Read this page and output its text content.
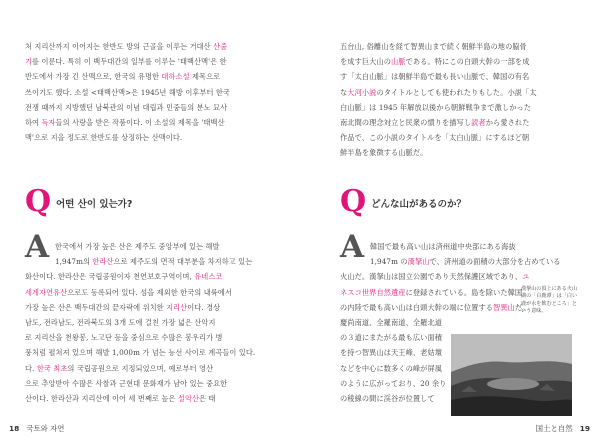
처 지리산까지 이어지는 한반도 방의 근골을 이루는 거대산 산줄
기를 이룬다. 특히 이 백두대간의 일부를 이루는 '태백산맥'은 한
반도에서 가장 긴 산맥으로, 한국의 유명한 대하소설 제목으로
쓰이기도 했다. 소설 <태백산맥>은 1945년 해방 이후부터 한국
전쟁 때까지 지방했던 남북관의 이념 대립과 민중들의 분노 묘사
하여 독자들의 사랑을 받은 작품이다. 이 소설의 제목을 '태백산
맥'으로 지을 정도로 한반도를 상징하는 산맥이다.

Q 어떤 산이 있는가?
A 한국에서 가장 높은 산은 제주도 중앙부에 있는 해발
1,947m의 한라산으로 제주도의 면적 대부분을 차지하고 있는
화산이다. 한라산은 국립공원이자 천연보호구역이며, 유네스코
세계자연유산으로도 등록되어 있다. 섬을 제외한 한국의 내륙에서
가장 높은 산은 백두대간의 끝자락에 위치한 지리산이다. 경상
남도, 전라남도, 전라북도의 3개 도에 걸친 가장 넓은 산악지
로 지리산을 천왕봉, 노고단 등을 중심으로 수많은 봉우리가 병
풍처럼 펼쳐져 있으며 해발 1,000m 가 넘는 능선 사이로 계곡들이 있다.
다. 한국 최초의 국립공원으로 지정되었으며, 예로부터 영산
으로 추앙받아 수많은 사찰과 근현대 문화재가 남아 있는 중요한
산이다. 한라산과 지리산에 이어 세 번째로 높은 설악산은 태

18 국토와 자연

五台山, 俗離山を経て智異山まで続く朝鮮半島の地の脇骨
を成す巨大山の山脈である。特にこの白頭大幹の一部を成
す「太白山脈」は朝鮮半島で最も長い山脈で、韓国の有名
な大河小説のタイトルとしても使われたりもした。小説「太
白山脈」は 1945 年解放以後から朝鮮戦争まで激しかった
南北間の理念対立と民衆の憤りを描写し読者から愛された
作品で、この小説のタイトルを「太白山脈」にするほど朝
鮮半島を象徴する山脈だ。

Q どんな山があるのか？
A 韓国で最も高い山は済州道中央部にある海抜
1,947m の漢拏山で、済州道の面積の大部分を占めている
火山だ。漢拏山は国立公園であり天然保護区域であり、ユ
ネスコ世界自然遺産に登録されている。島を除いた韓国
の内陸で最も高い山は白頭大幹の端に位置する智異山だ。
慶尚南道、全羅南道、全羅北道
の３道にまたがる最も広い面積
を持つ智異山は天王峰、老姑壇
などを中心に数多くの峰が屏風
のように広がっており、20 余り
の稜線の間に渓谷が位置して

漢拏山の頂上にある火山湖の「白鹿潭」は「白い鹿が水を飲むところ」という意味。

国土と自然 19
